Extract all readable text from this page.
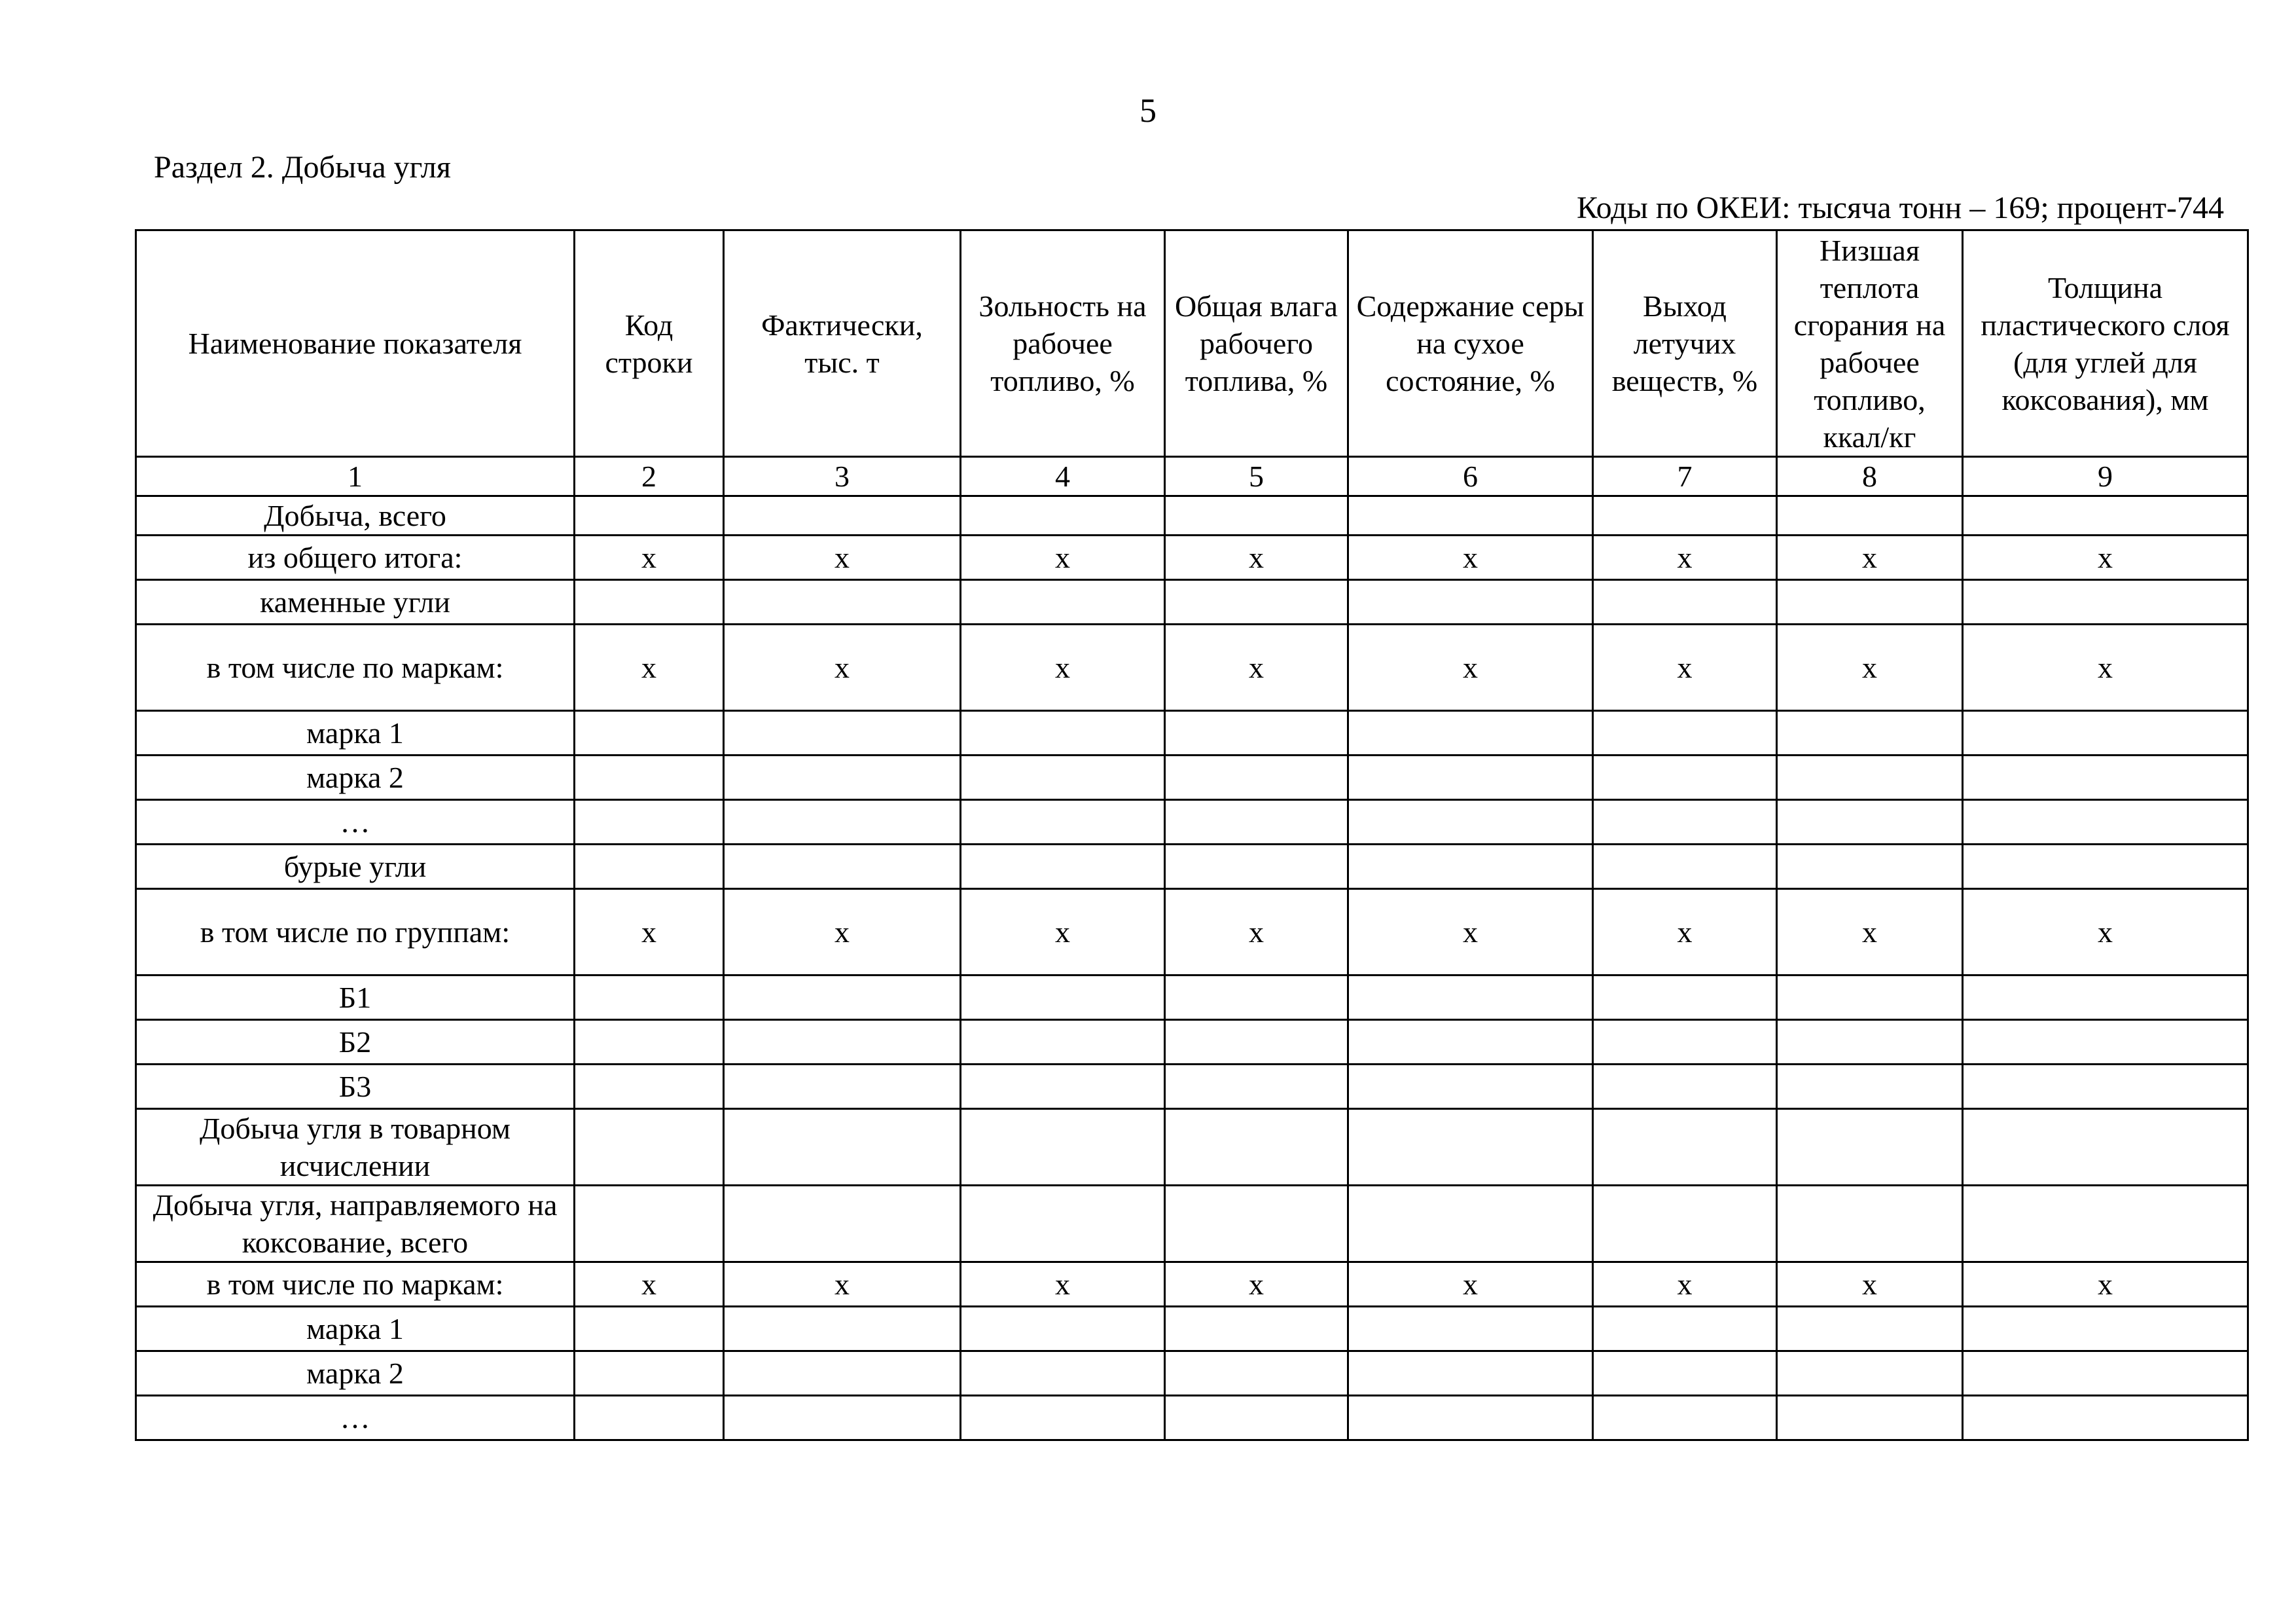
5
Раздел 2. Добыча угля
Коды по ОКЕИ: тысяча тонн – 169; процент-744
Наименование показателя	Код строки	Фактически, тыс. т	Зольность на рабочее топливо, %	Общая влага рабочего топлива, %	Содержание серы на сухое состояние, %	Выход летучих веществ, %	Низшая теплота сгорания на рабочее топливо, ккал/кг	Толщина пластического слоя (для углей для коксования), мм
1	2	3	4	5	6	7	8	9
Добыча, всего								
из общего итога:	х	х	х	х	х	х	х	х
каменные угли								
в том числе по маркам:	х	х	х	х	х	х	х	х
марка 1								
марка 2								
…								
бурые угли								
в том числе по группам:	х	х	х	х	х	х	х	х
Б1								
Б2								
Б3								
Добыча угля в товарном исчислении								
Добыча угля, направляемого на коксование, всего								
в том числе по маркам:	х	х	х	х	х	х	х	х
марка 1								
марка 2								
…								
